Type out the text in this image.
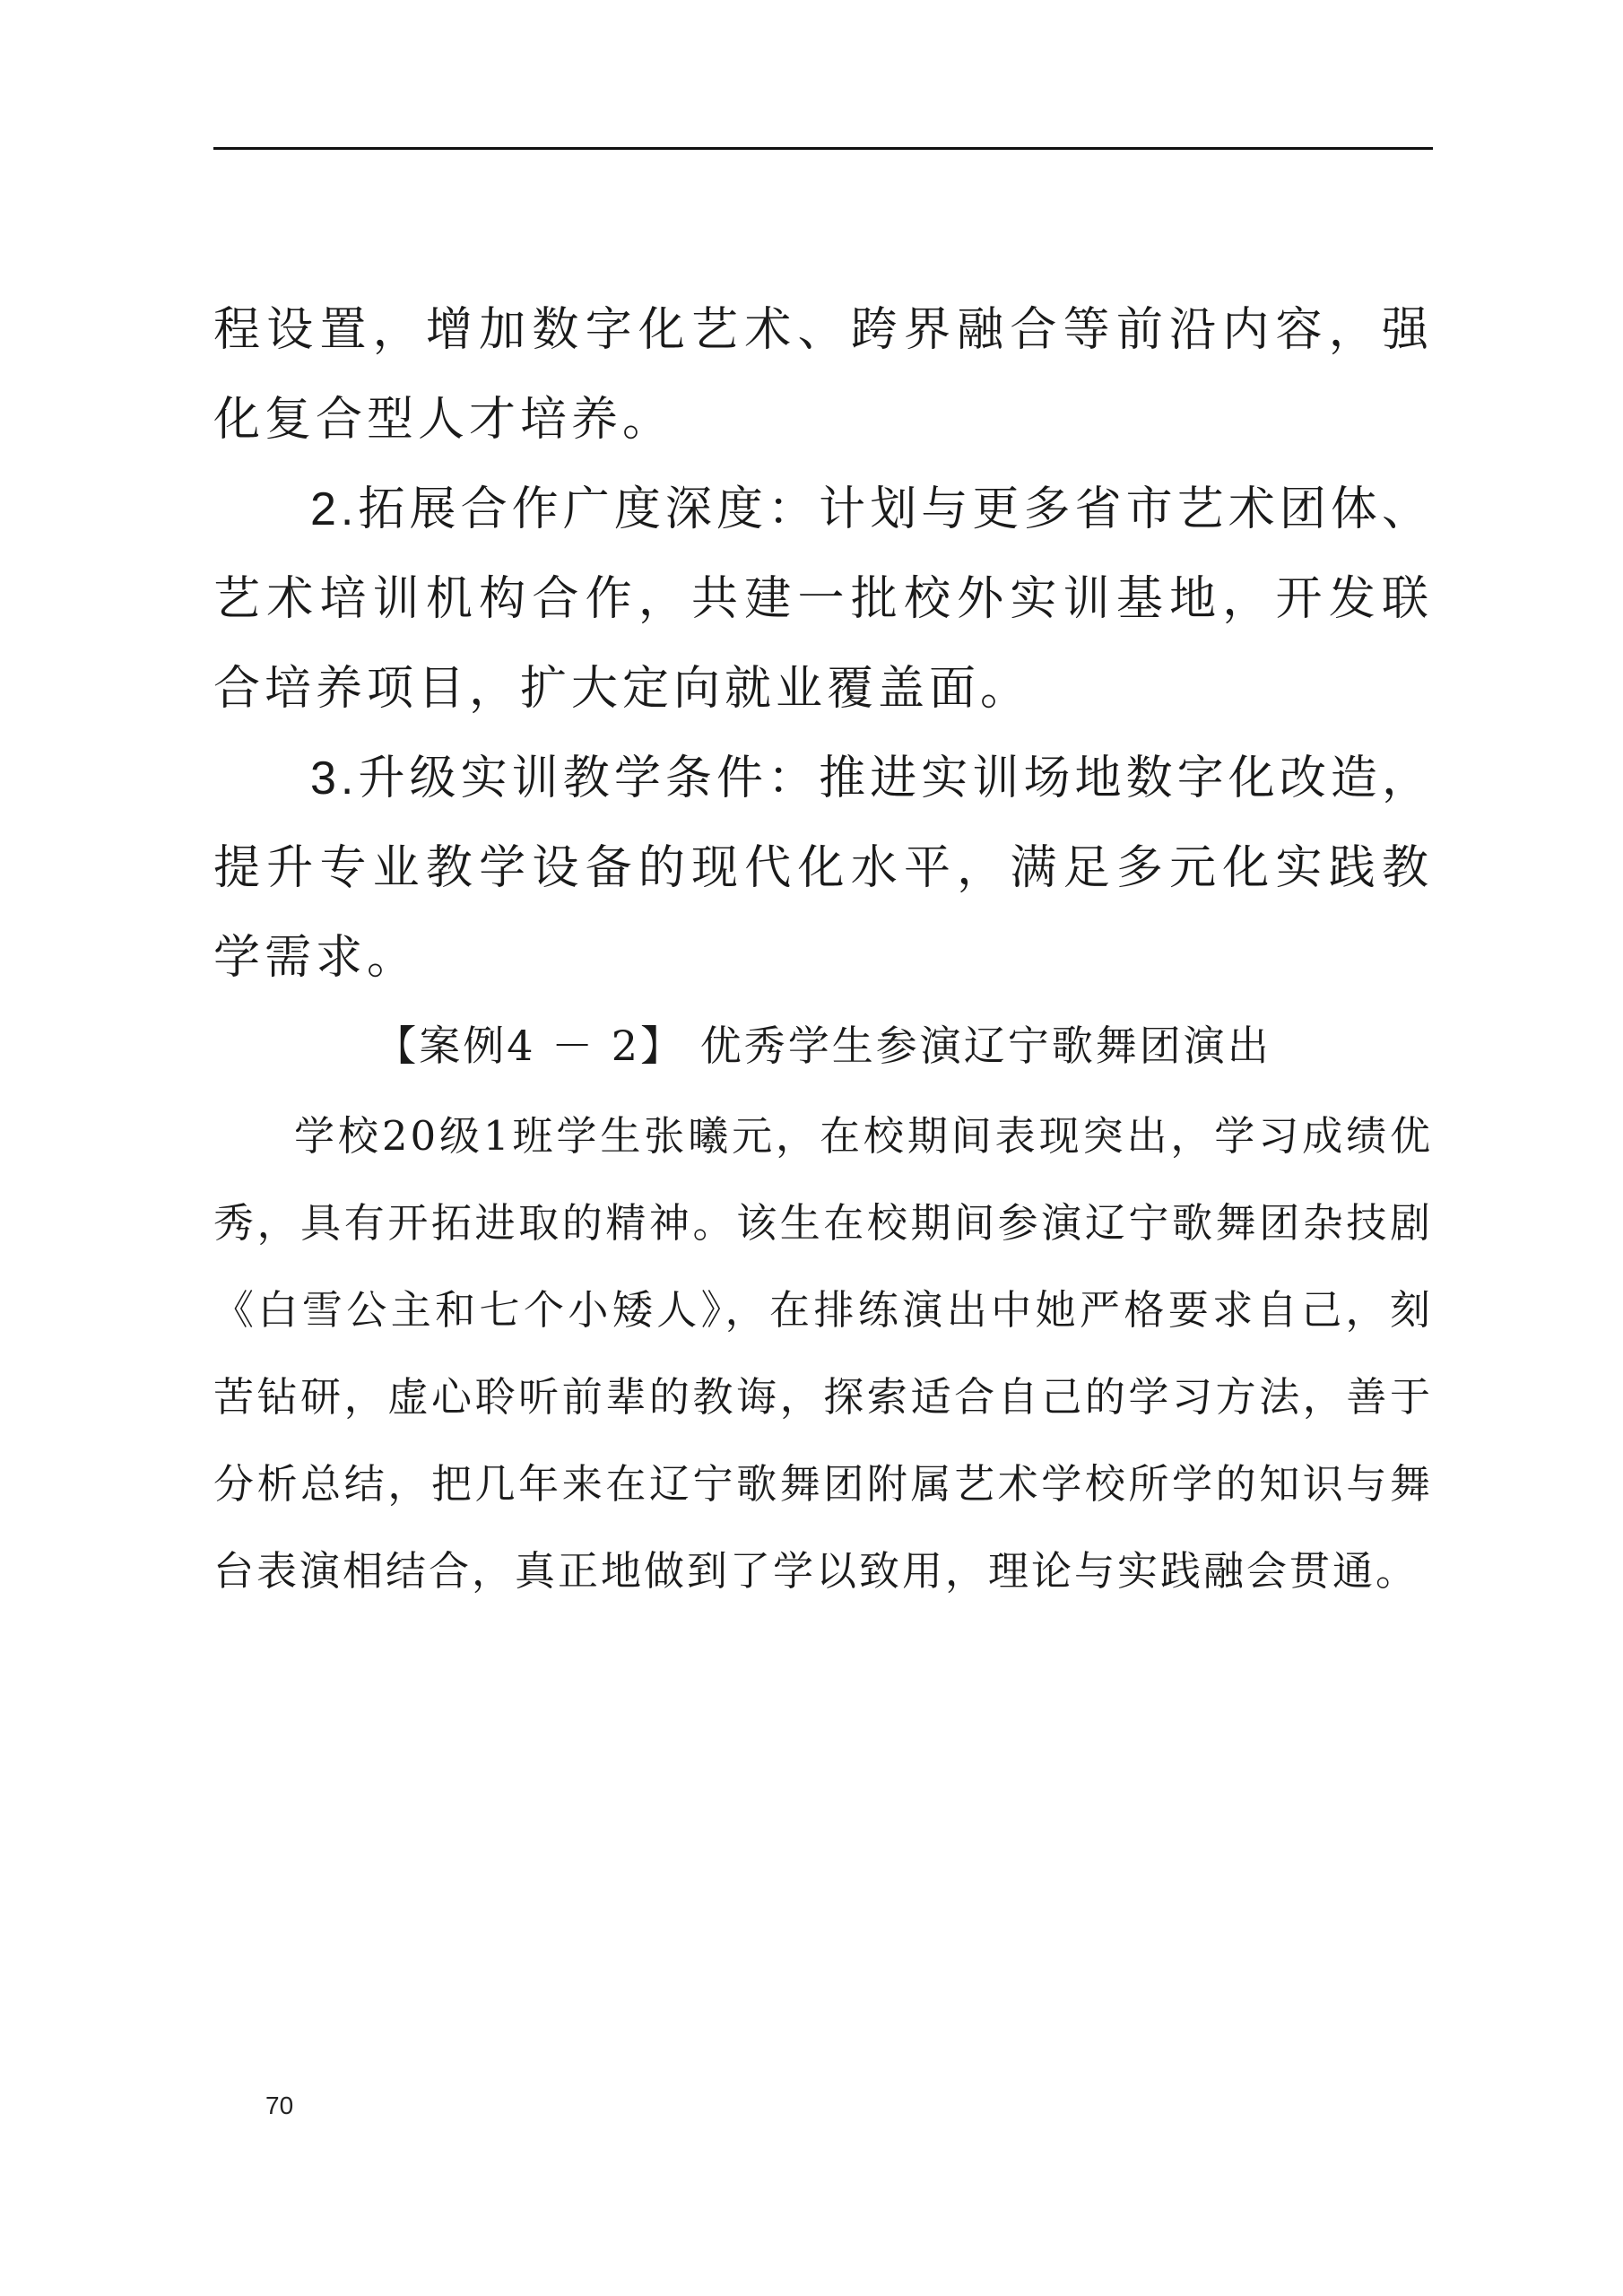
程设置，增加数字化艺术、跨界融合等前沿内容，强化复合型人才培养。

2.拓展合作广度深度：计划与更多省市艺术团体、艺术培训机构合作，共建一批校外实训基地，开发联合培养项目，扩大定向就业覆盖面。

3.升级实训教学条件：推进实训场地数字化改造，提升专业教学设备的现代化水平，满足多元化实践教学需求。

【案例4 － 2】 优秀学生参演辽宁歌舞团演出

学校20级1班学生张曦元，在校期间表现突出，学习成绩优秀，具有开拓进取的精神。该生在校期间参演辽宁歌舞团杂技剧《白雪公主和七个小矮人》，在排练演出中她严格要求自己，刻苦钻研，虚心聆听前辈的教诲，探索适合自己的学习方法，善于分析总结，把几年来在辽宁歌舞团附属艺术学校所学的知识与舞台表演相结合，真正地做到了学以致用，理论与实践融会贯通。

70
